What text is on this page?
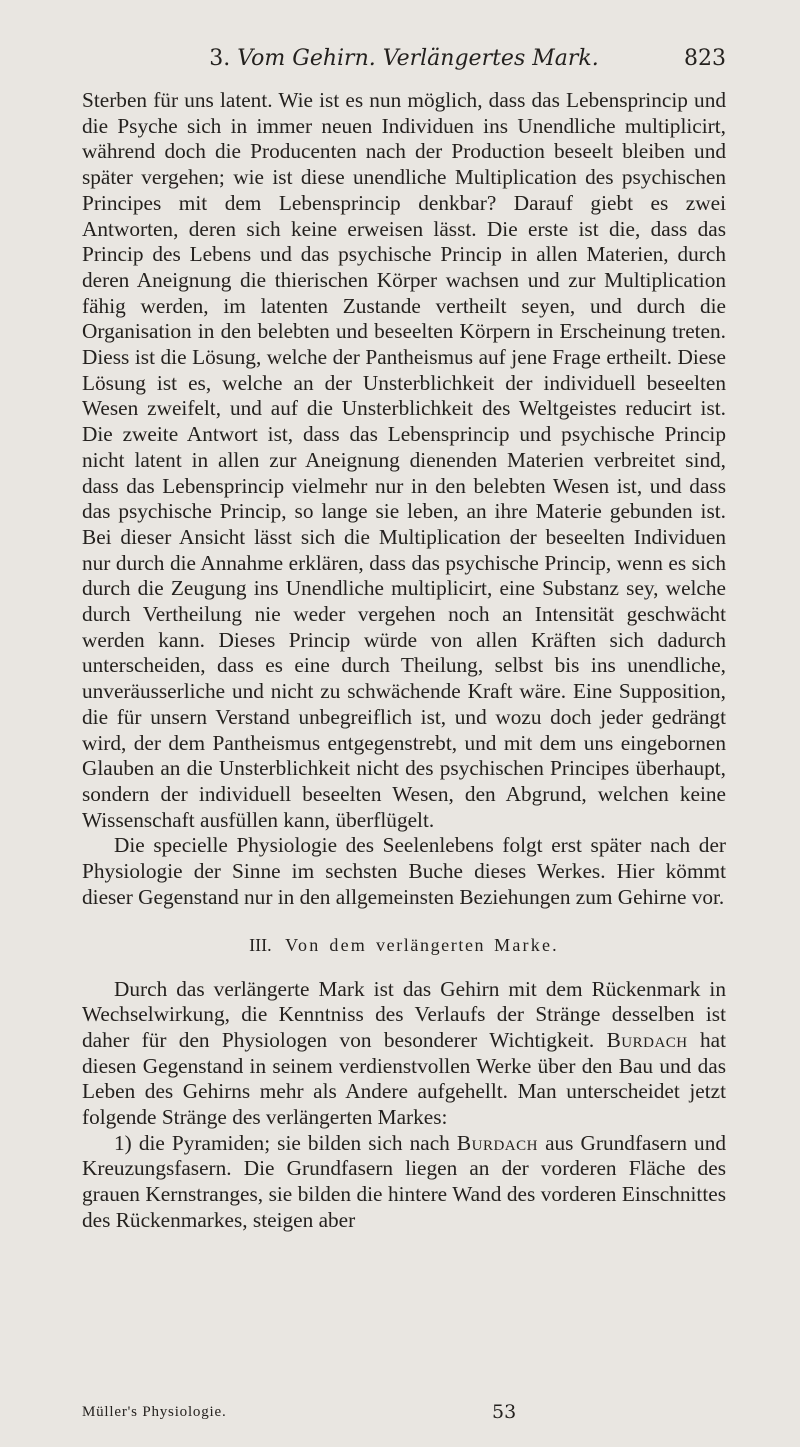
3. Vom Gehirn. Verlängertes Mark.	823

Sterben für uns latent. Wie ist es nun möglich, dass das Lebensprincip und die Psyche sich in immer neuen Individuen ins Unendliche multiplicirt, während doch die Producenten nach der Production beseelt bleiben und später vergehen; wie ist diese unendliche Multiplication des psychischen Principes mit dem Lebensprincip denkbar? Darauf giebt es zwei Antworten, deren sich keine erweisen lässt. Die erste ist die, dass das Princip des Lebens und das psychische Princip in allen Materien, durch deren Aneignung die thierischen Körper wachsen und zur Multiplication fähig werden, im latenten Zustande vertheilt seyen, und durch die Organisation in den belebten und beseelten Körpern in Erscheinung treten. Diess ist die Lösung, welche der Pantheismus auf jene Frage ertheilt. Diese Lösung ist es, welche an der Unsterblichkeit der individuell beseelten Wesen zweifelt, und auf die Unsterblichkeit des Weltgeistes reducirt ist. Die zweite Antwort ist, dass das Lebensprincip und psychische Princip nicht latent in allen zur Aneignung dienenden Materien verbreitet sind, dass das Lebensprincip vielmehr nur in den belebten Wesen ist, und dass das psychische Princip, so lange sie leben, an ihre Materie gebunden ist. Bei dieser Ansicht lässt sich die Multiplication der beseelten Individuen nur durch die Annahme erklären, dass das psychische Princip, wenn es sich durch die Zeugung ins Unendliche multiplicirt, eine Substanz sey, welche durch Vertheilung nie weder vergehen noch an Intensität geschwächt werden kann. Dieses Princip würde von allen Kräften sich dadurch unterscheiden, dass es eine durch Theilung, selbst bis ins unendliche, unveräusserliche und nicht zu schwächende Kraft wäre. Eine Supposition, die für unsern Verstand unbegreiflich ist, und wozu doch jeder gedrängt wird, der dem Pantheismus entgegenstrebt, und mit dem uns eingebornen Glauben an die Unsterblichkeit nicht des psychischen Principes überhaupt, sondern der individuell beseelten Wesen, den Abgrund, welchen keine Wissenschaft ausfüllen kann, überflügelt.

Die specielle Physiologie des Seelenlebens folgt erst später nach der Physiologie der Sinne im sechsten Buche dieses Werkes. Hier kömmt dieser Gegenstand nur in den allgemeinsten Beziehungen zum Gehirne vor.

III. Von dem verlängerten Marke.

Durch das verlängerte Mark ist das Gehirn mit dem Rückenmark in Wechselwirkung, die Kenntniss des Verlaufs der Stränge desselben ist daher für den Physiologen von besonderer Wichtigkeit. Burdach hat diesen Gegenstand in seinem verdienstvollen Werke über den Bau und das Leben des Gehirns mehr als Andere aufgehellt. Man unterscheidet jetzt folgende Stränge des verlängerten Markes:

1) die Pyramiden; sie bilden sich nach Burdach aus Grundfasern und Kreuzungsfasern. Die Grundfasern liegen an der vorderen Fläche des grauen Kernstranges, sie bilden die hintere Wand des vorderen Einschnittes des Rückenmarkes, steigen aber

Müller's Physiologie.	53
